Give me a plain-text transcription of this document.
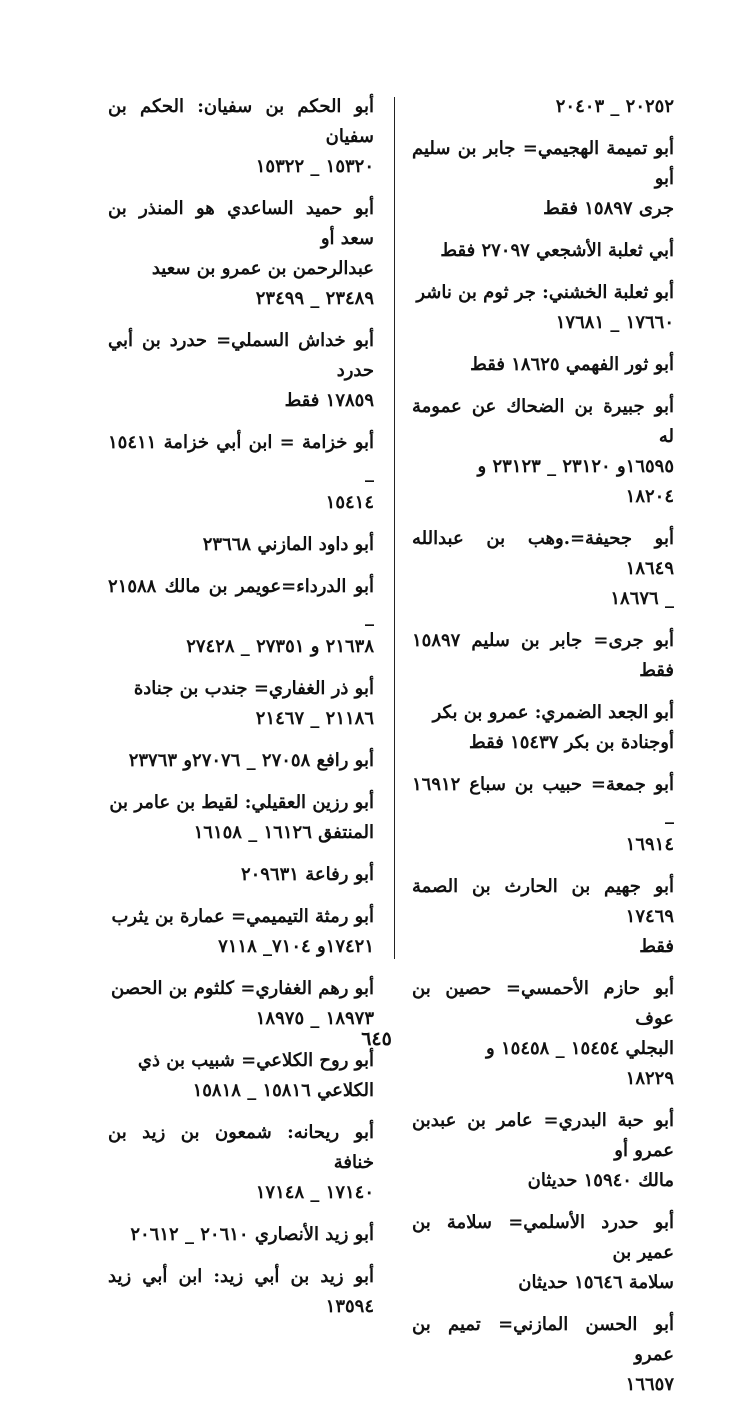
٢٠٢٥٢ _ ٢٠٤٠٣
أبو تميمة الهجيمي= جابر بن سليم أبو
جرى ١٥٨٩٧ فقط
أبي ثعلبة الأشجعي ٢٧٠٩٧ فقط
أبو ثعلبة الخشني: جر ثوم بن ناشر
١٧٦٦٠ _ ١٧٦٨١
أبو ثور الفهمي ١٨٦٢٥ فقط
أبو جبيرة بن الضحاك عن عمومة له
١٦٥٩٥و ٢٣١٢٠ _ ٢٣١٢٣ و
١٨٢٠٤
أبو جحيفة=.وهب بن عبدالله ١٨٦٤٩
_ ١٨٦٧٦
أبو جرى= جابر بن سليم ١٥٨٩٧ فقط
أبو الجعد الضمري: عمرو بن بكر
أوجنادة بن بكر ١٥٤٣٧ فقط
أبو جمعة= حبيب بن سباع ١٦٩١٢ _
١٦٩١٤
أبو جهيم بن الحارث بن الصمة ١٧٤٦٩
فقط
أبو حازم الأحمسي= حصين بن عوف
البجلي ١٥٤٥٤ _ ١٥٤٥٨ و
١٨٢٢٩
أبو حبة البدري= عامر بن عبدبن عمرو أو
مالك ١٥٩٤٠ حديثان
أبو حدرد الأسلمي= سلامة بن عمير بن
سلامة ١٥٦٤٦ حديثان
أبو الحسن المازني= تميم بن عمرو
١٦٦٥٧
أبو الحكم بن سفيان: الحكم بن سفيان
١٥٣٢٠ _ ١٥٣٢٢
أبو حميد الساعدي هو المنذر بن سعد أو
عبدالرحمن بن عمرو بن سعيد
٢٣٤٨٩ _ ٢٣٤٩٩
أبو خداش السملي= حدرد بن أبي حدرد
١٧٨٥٩ فقط
أبو خزامة = ابن أبي خزامة ١٥٤١١ _
١٥٤١٤
أبو داود المازني ٢٣٦٦٨
أبو الدرداء=عويمر بن مالك ٢١٥٨٨ _
٢١٦٣٨ و ٢٧٣٥١ _ ٢٧٤٢٨
أبو ذر الغفاري= جندب بن جنادة
٢١١٨٦ _ ٢١٤٦٧
أبو رافع ٢٧٠٥٨ _ ٢٧٠٧٦و ٢٣٧٦٣
أبو رزين العقيلي: لقيط بن عامر بن
المنتفق ١٦١٢٦ _ ١٦١٥٨
أبو رفاعة ٢٠٩٦٣١
أبو رمثة التيميمي= عمارة بن يثرب
١٧٤٢١و ٧١٠٤_ ٧١١٨
أبو رهم الغفاري= كلثوم بن الحصن
١٨٩٧٣ _ ١٨٩٧٥
أبو روح الكلاعي= شبيب بن ذي
الكلاعي ١٥٨١٦ _ ١٥٨١٨
أبو ريحانه: شمعون بن زيد بن خنافة
١٧١٤٠ _ ١٧١٤٨
أبو زيد الأنصاري ٢٠٦١٠ _ ٢٠٦١٢
أبو زيد بن أبي زيد: ابن أبي زيد ١٣٥٩٤
٦٤٥
